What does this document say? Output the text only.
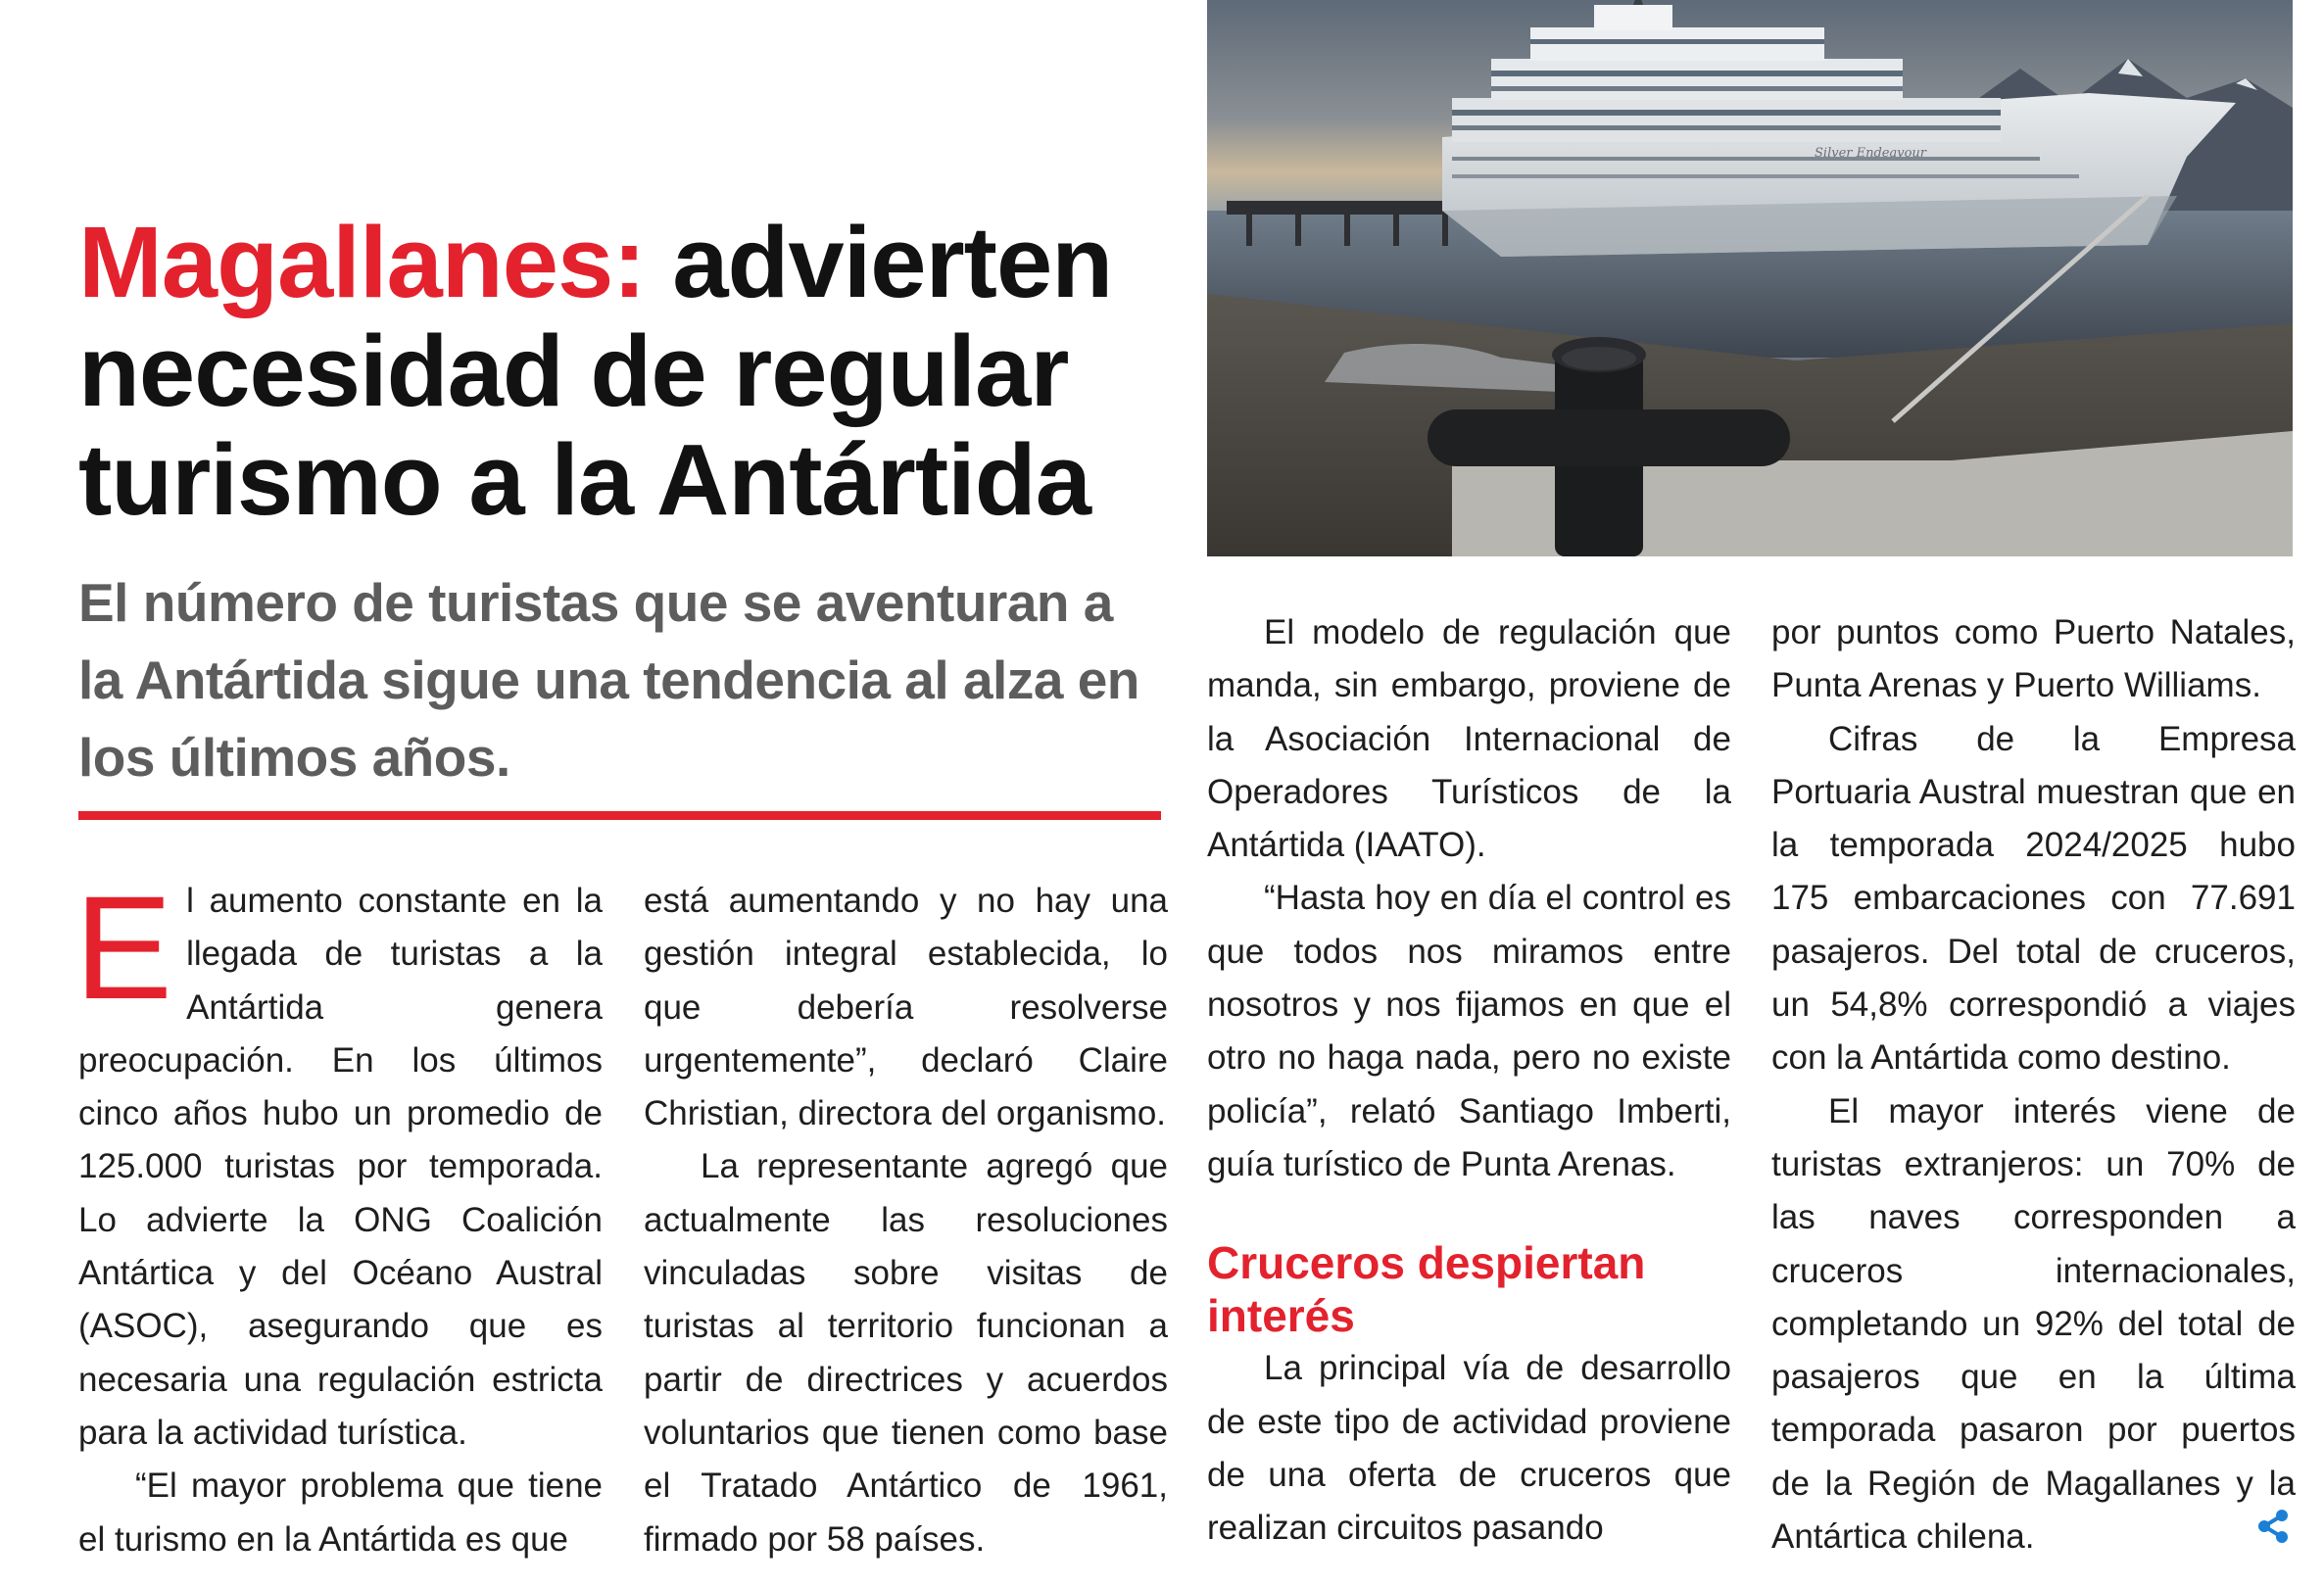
Magallanes: advierten necesidad de regular turismo a la Antártida
El número de turistas que se aventuran a la Antártida sigue una tendencia al alza en los últimos años.

El aumento constante en la llegada de turistas a la Antártida genera preocupación. En los últimos cinco años hubo un promedio de 125.000 turistas por temporada. Lo advierte la ONG Coalición Antártica y del Océano Austral (ASOC), asegurando que es necesaria una regulación estricta para la actividad turística.

“El mayor problema que tiene el turismo en la Antártida es que

está aumentando y no hay una gestión integral establecida, lo que debería resolverse urgentemente”, declaró Claire Christian, directora del organismo.

La representante agregó que actualmente las resoluciones vinculadas sobre visitas de turistas al territorio funcionan a partir de directrices y acuerdos voluntarios que tienen como base el Tratado Antártico de 1961, firmado por 58 países.

El modelo de regulación que manda, sin embargo, proviene de la Asociación Internacional de Operadores Turísticos de la Antártida (IAATO).

“Hasta hoy en día el control es que todos nos miramos entre nosotros y nos fijamos en que el otro no haga nada, pero no existe policía”, relató Santiago Imberti, guía turístico de Punta Arenas.

Cruceros despiertan interés

La principal vía de desarrollo de este tipo de actividad proviene de una oferta de cruceros que realizan circuitos pasando

por puntos como Puerto Natales, Punta Arenas y Puerto Williams.

Cifras de la Empresa Portuaria Austral muestran que en la temporada 2024/2025 hubo 175 embarcaciones con 77.691 pasajeros. Del total de cruceros, un 54,8% correspondió a viajes con la Antártida como destino.

El mayor interés viene de turistas extranjeros: un 70% de las naves corresponden a cruceros internacionales, completando un 92% del total de pasajeros que en la última temporada pasaron por puertos de la Región de Magallanes y la Antártica chilena.

Silver Endeavour
